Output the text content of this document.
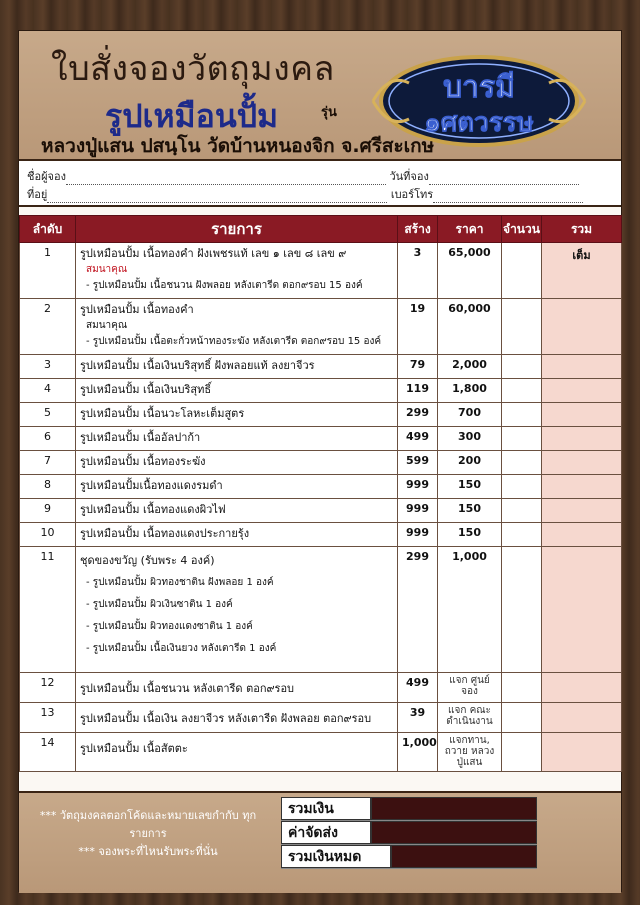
ใบสั่งจองวัตถุมงคล
รูปเหมือนปั้ม	รุ่น
บารมี
๑ศตวรรษ
หลวงปู่แสน ปสนฺโน วัดบ้านหนองจิก จ.ศรีสะเกษ
ชื่อผู้จอง	วันที่จอง
ที่อยู่	เบอร์โทร
ลำดับ	รายการ	สร้าง	ราคา	จำนวน	รวม
1	รูปเหมือนปั้ม เนื้อทองคำ ฝังเพชรแท้ เลข ๑ เลข ๘ เลข ๙
สมนาคุณ
- รูปเหมือนปั้ม เนื้อชนวน ฝังพลอย หลังเตารีด ตอก๙รอบ 15 องค์	3	65,000		เต็ม
2	รูปเหมือนปั้ม เนื้อทองคำ
สมนาคุณ
- รูปเหมือนปั้ม เนื้อตะกั่วหน้าทองระฆัง หลังเตารีด ตอก๙รอบ 15 องค์	19	60,000		
3	รูปเหมือนปั้ม เนื้อเงินบริสุทธิ์ ฝังพลอยแท้ ลงยาจีวร	79	2,000		
4	รูปเหมือนปั้ม เนื้อเงินบริสุทธิ์	119	1,800		
5	รูปเหมือนปั้ม เนื้อนวะโลหะเต็มสูตร	299	700		
6	รูปเหมือนปั้ม เนื้ออัลปาก้า	499	300		
7	รูปเหมือนปั้ม เนื้อทองระฆัง	599	200		
8	รูปเหมือนปั้มเนื้อทองแดงรมดำ	999	150		
9	รูปเหมือนปั้ม เนื้อทองแดงผิวไฟ	999	150		
10	รูปเหมือนปั้ม เนื้อทองแดงประกายรุ้ง	999	150		
11	ชุดของขวัญ (รับพระ 4 องค์)
- รูปเหมือนปั้ม ผิวทองชาติน ฝังพลอย 1 องค์
- รูปเหมือนปั้ม ผิวเงินซาติน 1 องค์
- รูปเหมือนปั้ม ผิวทองแดงซาติน 1 องค์
- รูปเหมือนปั้ม เนื้อเงินยวง หลังเตารีด 1 องค์	299	1,000		
12	รูปเหมือนปั้ม เนื้อชนวน หลังเตารีด ตอก๙รอบ	499	แจก ศูนย์จอง		
13	รูปเหมือนปั้ม เนื้อเงิน ลงยาจีวร หลังเตารีด ฝังพลอย ตอก๙รอบ	39	แจก คณะ ดำเนินงาน		
14	รูปเหมือนปั้ม เนื้อสัตตะ	1,000	แจกทาน, ถวาย หลวงปู่แสน		
*** วัตถุมงคลตอกโค้ดและหมายเลขกำกับ ทุกรายการ
*** จองพระที่ไหนรับพระที่นั่น
รวมเงิน
ค่าจัดส่ง
รวมเงินหมด
